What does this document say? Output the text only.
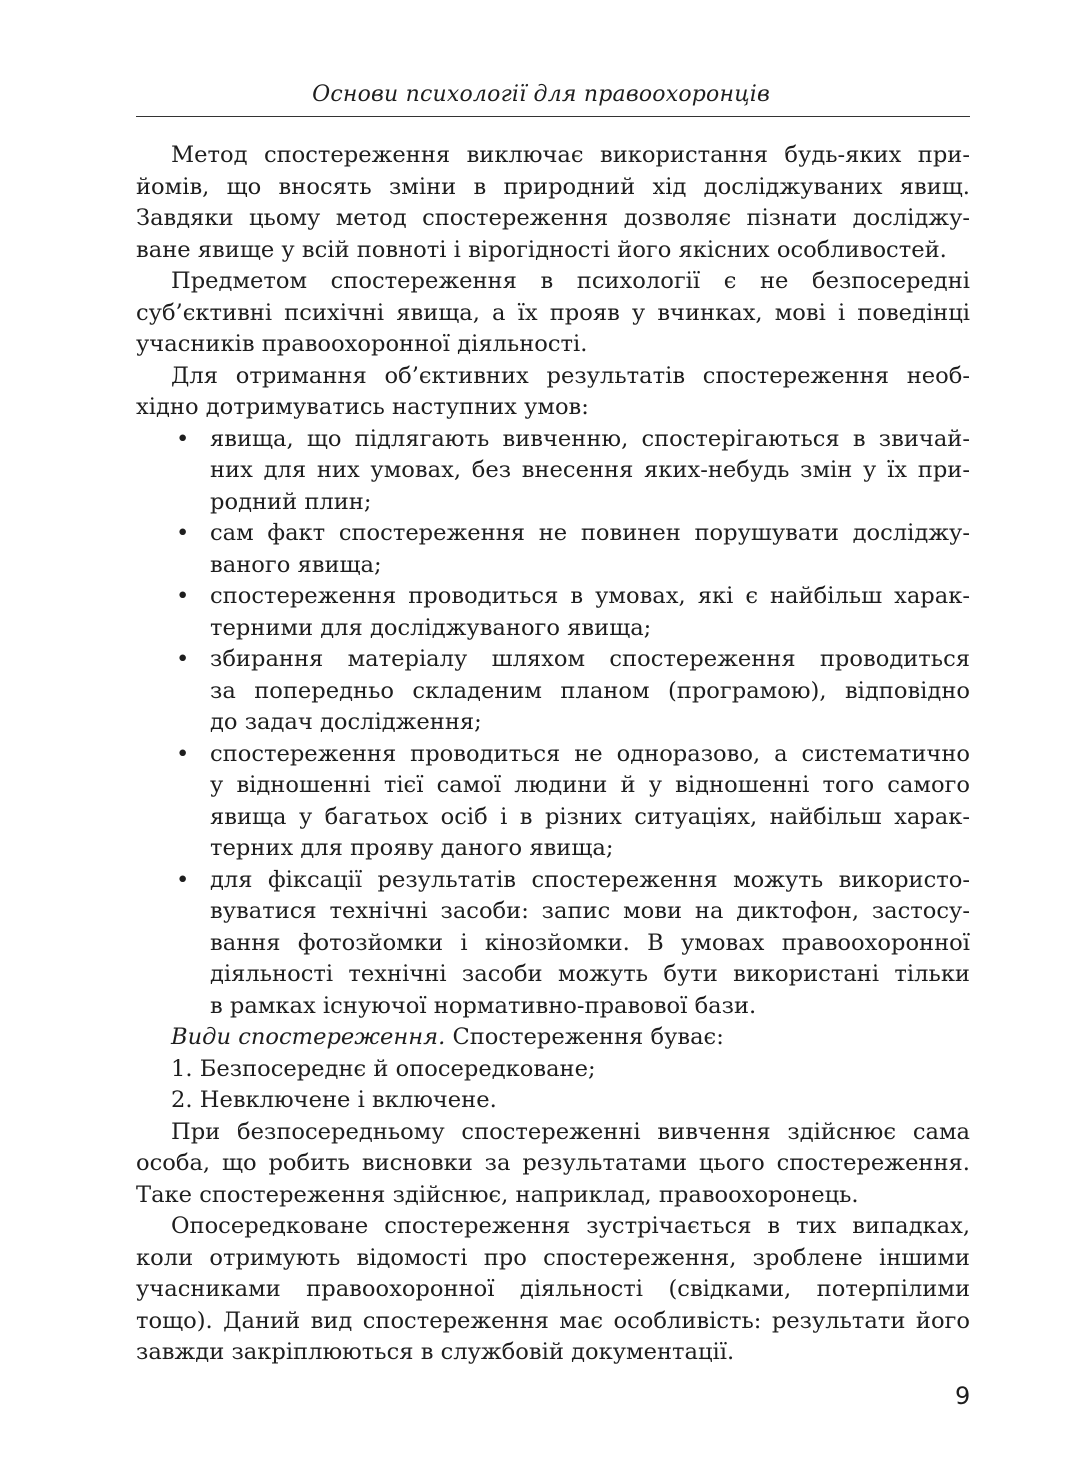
Основи психології для правоохоронців

Метод спостереження виключає використання будь-яких при-
йомів, що вносять зміни в природний хід досліджуваних явищ.
Завдяки цьому метод спостереження дозволяє пізнати досліджу-
ване явище у всій повноті і вірогідності його якісних особливостей.

Предметом спостереження в психології є не безпосередні
суб’єктивні психічні явища, а їх прояв у вчинках, мові і поведінці
учасників правоохоронної діяльності.

Для отримання об’єктивних результатів спостереження необ-
хідно дотримуватись наступних умов:

• явища, що підлягають вивченню, спостерігаються в звичай-
них для них умовах, без внесення яких-небудь змін у їх при-
родний плин;
• сам факт спостереження не повинен порушувати досліджу-
ваного явища;
• спостереження проводиться в умовах, які є найбільш харак-
терними для досліджуваного явища;
• збирання матеріалу шляхом спостереження проводиться
за попередньо складеним планом (програмою), відповідно
до задач дослідження;
• спостереження проводиться не одноразово, а систематично
у відношенні тієї самої людини й у відношенні того самого
явища у багатьох осіб і в різних ситуаціях, найбільш харак-
терних для прояву даного явища;
• для фіксації результатів спостереження можуть використо-
вуватися технічні засоби: запис мови на диктофон, застосу-
вання фотозйомки і кінозйомки. В умовах правоохоронної
діяльності технічні засоби можуть бути використані тільки
в рамках існуючої нормативно-правової бази.

Види спостереження. Спостереження буває:

1. Безпосереднє й опосередковане;

2. Невключене і включене.

При безпосередньому спостереженні вивчення здійснює сама
особа, що робить висновки за результатами цього спостереження.
Таке спостереження здійснює, наприклад, правоохоронець.

Опосередковане спостереження зустрічається в тих випадках,
коли отримують відомості про спостереження, зроблене іншими
учасниками правоохоронної діяльності (свідками, потерпілими
тощо). Даний вид спостереження має особливість: результати його
завжди закріплюються в службовій документації.

9
